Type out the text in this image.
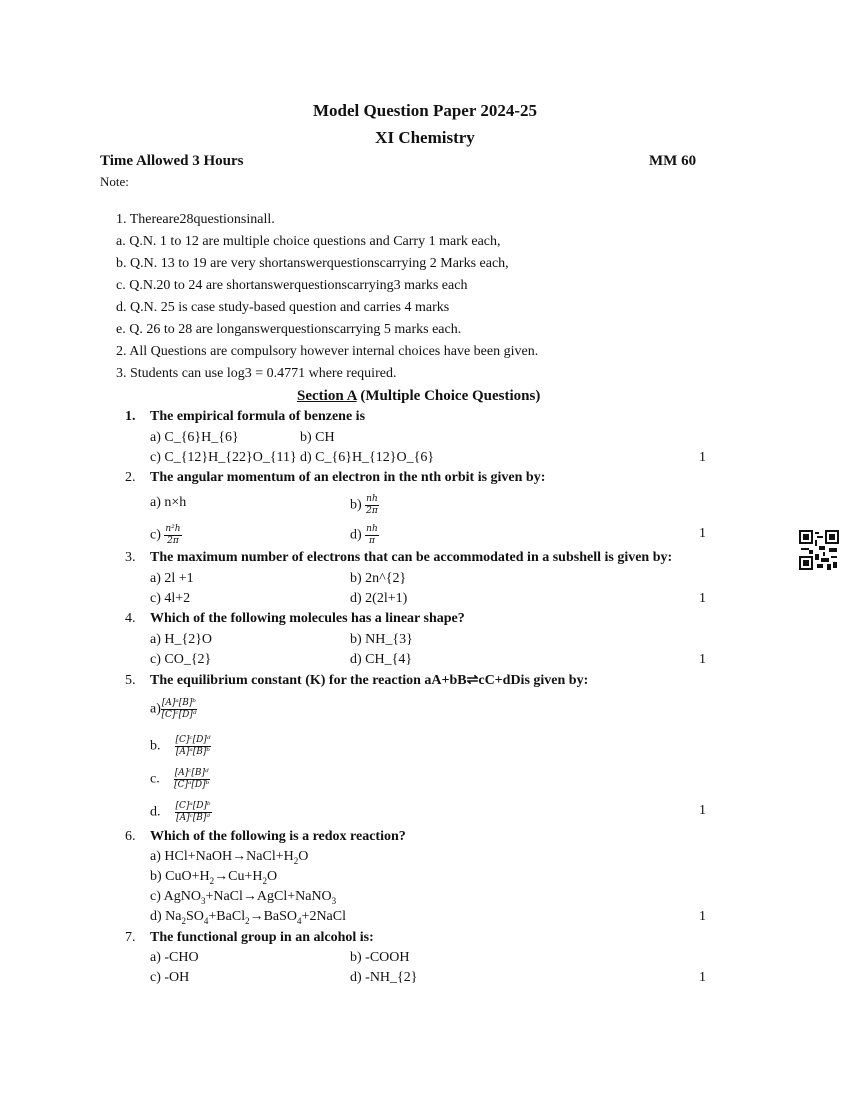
Model Question Paper 2024-25
XI Chemistry
Time Allowed 3 Hours	MM 60
Note:
1. Thereare28questionsinall.
a. Q.N. 1 to 12 are multiple choice questions and Carry 1 mark each,
b. Q.N. 13 to 19 are very shortanswerquestionscarrying 2 Marks each,
c. Q.N.20 to 24 are shortanswerquestionscarrying3 marks each
d. Q.N. 25 is case study-based question and carries 4 marks
e. Q. 26 to 28 are longanswerquestionscarrying 5 marks each.
2. All Questions are compulsory however internal choices have been given.
3. Students can use log3 = 0.4771 where required.
Section A (Multiple Choice Questions)
1. The empirical formula of benzene is
a) C_{6}H_{6}	b) CH
c) C_{12}H_{22}O_{11} d) C_{6}H_{12}O_{6}	1
2. The angular momentum of an electron in the nth orbit is given by:
a) n×h	$b) \frac{nh}{2\pi}$
$c) \frac{\text{n²h}}{2\pi}$	$d) \frac{nh}{\pi}$	1
3. The maximum number of electrons that can be accommodated in a subshell is given by:
a) 2l +1	b) 2n^{2}
c) 4l+2	d) 2(2l+1)	1
4. Which of the following molecules has a linear shape?
a) H_{2}O	b) NH_{3}
c) CO_{2}	d) CH_{4}	1
5. The equilibrium constant (K) for the reaction aA+bB⇌cC+dDis given by:
$a) \frac{\text{[A]ᵃ[B]ᵇ}}{\text{[C]ᶜ[D]ᵈ}}$
b. $\frac{\text{[C]ᶜ[D]ᵈ}}{\text{[A]ᵃ[B]ᵇ}}$
c. $\frac{\text{[A]ᶜ[B]ᵈ}}{\text{[C]ᵃ[D]ᵇ}}$
d. $\frac{\text{[C]ᵃ[D]ᵇ}}{\text{[A]ᶜ[B]ᵈ}}$	1
6. Which of the following is a redox reaction?
a) $HCl+NaOH\to NaCl+H_2O$
b) $CuO+H_2\to Cu+H_2O$
c) AgNO$_3$+NaCl→AgCl+NaNO$_3$
d) $Na_2SO_4+BaCl_2\to BaSO_4+2NaCl$	1
7. The functional group in an alcohol is:
a) -CHO	b) -COOH
c) -OH	d) -NH_{2}	1
